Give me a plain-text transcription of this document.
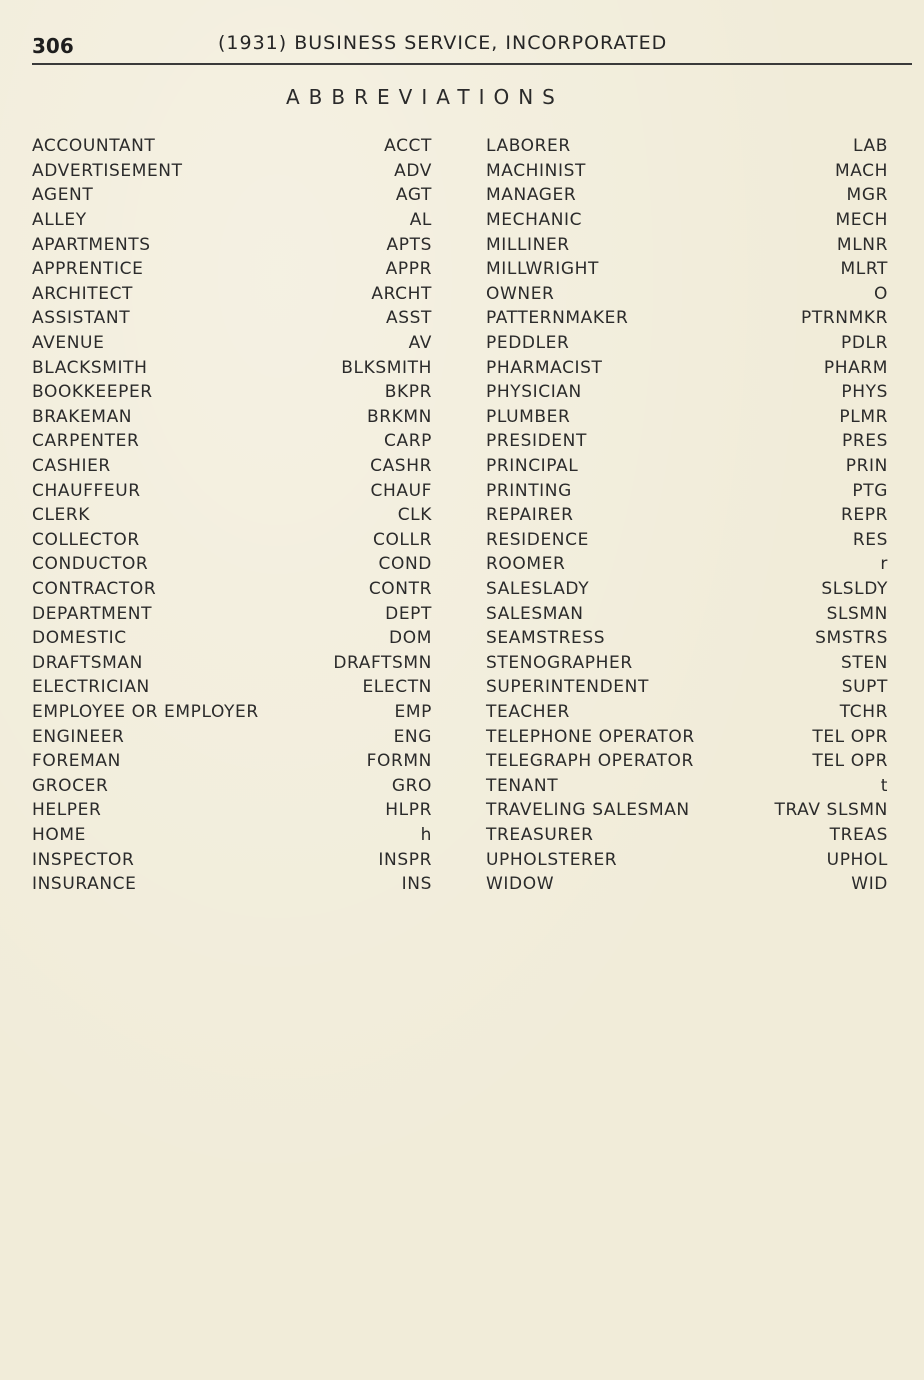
306	(1931) BUSINESS SERVICE, INCORPORATED
ABBREVIATIONS
ACCOUNTANT	ACCT
ADVERTISEMENT	ADV
AGENT	AGT
ALLEY	AL
APARTMENTS	APTS
APPRENTICE	APPR
ARCHITECT	ARCHT
ASSISTANT	ASST
AVENUE	AV
BLACKSMITH	BLKSMITH
BOOKKEEPER	BKPR
BRAKEMAN	BRKMN
CARPENTER	CARP
CASHIER	CASHR
CHAUFFEUR	CHAUF
CLERK	CLK
COLLECTOR	COLLR
CONDUCTOR	COND
CONTRACTOR	CONTR
DEPARTMENT	DEPT
DOMESTIC	DOM
DRAFTSMAN	DRAFTSMN
ELECTRICIAN	ELECTN
EMPLOYEE OR EMPLOYER	EMP
ENGINEER	ENG
FOREMAN	FORMN
GROCER	GRO
HELPER	HLPR
HOME	h
INSPECTOR	INSPR
INSURANCE	INS
LABORER	LAB
MACHINIST	MACH
MANAGER	MGR
MECHANIC	MECH
MILLINER	MLNR
MILLWRIGHT	MLRT
OWNER	O
PATTERNMAKER	PTRNMKR
PEDDLER	PDLR
PHARMACIST	PHARM
PHYSICIAN	PHYS
PLUMBER	PLMR
PRESIDENT	PRES
PRINCIPAL	PRIN
PRINTING	PTG
REPAIRER	REPR
RESIDENCE	RES
ROOMER	r
SALESLADY	SLSLDY
SALESMAN	SLSMN
SEAMSTRESS	SMSTRS
STENOGRAPHER	STEN
SUPERINTENDENT	SUPT
TEACHER	TCHR
TELEPHONE OPERATOR	TEL OPR
TELEGRAPH OPERATOR	TEL OPR
TENANT	t
TRAVELING SALESMAN	TRAV SLSMN
TREASURER	TREAS
UPHOLSTERER	UPHOL
WIDOW	WID
